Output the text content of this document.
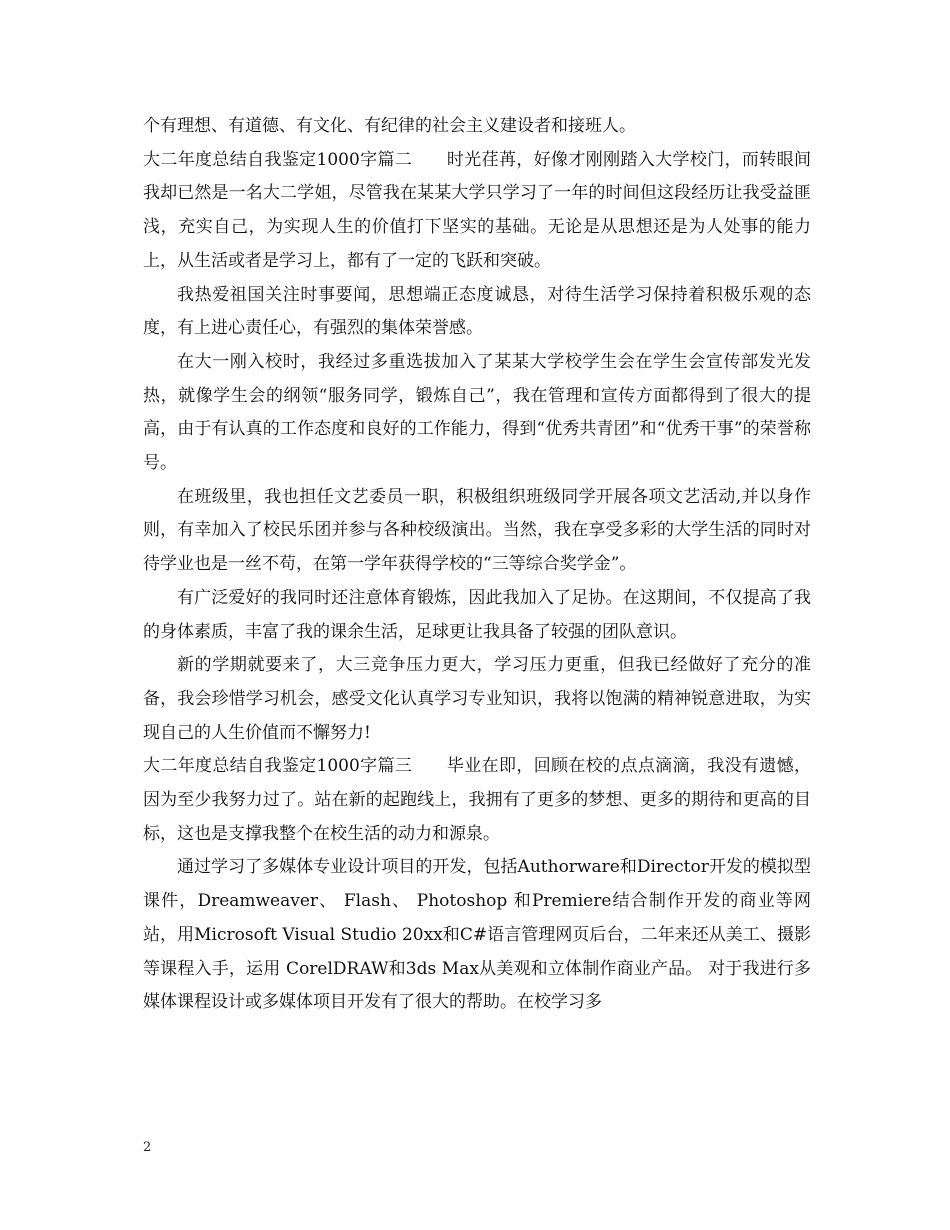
个有理想、有道德、有文化、有纪律的社会主义建设者和接班人。

大二年度总结自我鉴定1000字篇二　　时光荏苒，好像才刚刚踏入大学校门，而转眼间我却已然是一名大二学姐，尽管我在某某大学只学习了一年的时间但这段经历让我受益匪浅，充实自己，为实现人生的价值打下坚实的基础。无论是从思想还是为人处事的能力上，从生活或者是学习上，都有了一定的飞跃和突破。

我热爱祖国关注时事要闻，思想端正态度诚恳，对待生活学习保持着积极乐观的态度，有上进心责任心，有强烈的集体荣誉感。

在大一刚入校时，我经过多重选拔加入了某某大学校学生会在学生会宣传部发光发热，就像学生会的纲领“服务同学，锻炼自己”，我在管理和宣传方面都得到了很大的提高，由于有认真的工作态度和良好的工作能力，得到“优秀共青团”和“优秀干事”的荣誉称号。

在班级里，我也担任文艺委员一职，积极组织班级同学开展各项文艺活动,并以身作则，有幸加入了校民乐团并参与各种校级演出。当然，我在享受多彩的大学生活的同时对待学业也是一丝不苟，在第一学年获得学校的“三等综合奖学金”。

有广泛爱好的我同时还注意体育锻炼，因此我加入了足协。在这期间，不仅提高了我的身体素质，丰富了我的课余生活，足球更让我具备了较强的团队意识。

新的学期就要来了，大三竞争压力更大，学习压力更重，但我已经做好了充分的准备，我会珍惜学习机会，感受文化认真学习专业知识，我将以饱满的精神锐意进取，为实现自己的人生价值而不懈努力!

大二年度总结自我鉴定1000字篇三　　毕业在即，回顾在校的点点滴滴，我没有遗憾，因为至少我努力过了。站在新的起跑线上，我拥有了更多的梦想、更多的期待和更高的目标，这也是支撑我整个在校生活的动力和源泉。

通过学习了多媒体专业设计项目的开发，包括Authorware和Director开发的模拟型课件，Dreamweaver、 Flash、 Photoshop 和Premiere结合制作开发的商业等网站，用Microsoft Visual Studio 20xx和C#语言管理网页后台，二年来还从美工、摄影等课程入手，运用 CorelDRAW和3ds Max从美观和立体制作商业产品。 对于我进行多媒体课程设计或多媒体项目开发有了很大的帮助。在校学习多

2
